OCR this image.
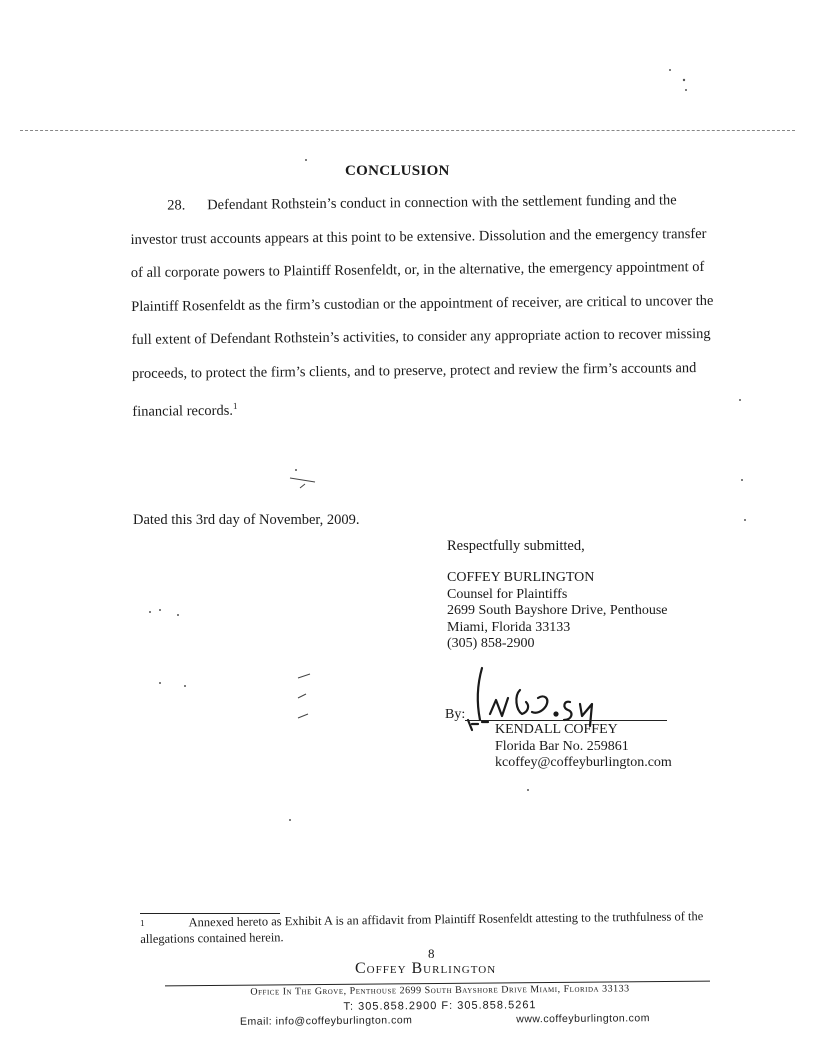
CONCLUSION

28. Defendant Rothstein’s conduct in connection with the settlement funding and the investor trust accounts appears at this point to be extensive. Dissolution and the emergency transfer of all corporate powers to Plaintiff Rosenfeldt, or, in the alternative, the emergency appointment of Plaintiff Rosenfeldt as the firm’s custodian or the appointment of receiver, are critical to uncover the full extent of Defendant Rothstein’s activities, to consider any appropriate action to recover missing proceeds, to protect the firm’s clients, and to preserve, protect and review the firm’s accounts and financial records.$^1$

Dated this 3rd day of November, 2009.
Respectfully submitted,
COFFEY BURLINGTON
Counsel for Plaintiffs
2699 South Bayshore Drive, Penthouse
Miami, Florida 33133
(305) 858-2900
By:
KENDALL COFFEY
Florida Bar No. 259861
kcoffey@coffeyburlington.com
$^1$	Annexed hereto as Exhibit A is an affidavit from Plaintiff Rosenfeldt attesting to the truthfulness of the allegations contained herein.
8
Coffey Burlington
Office In The Grove, Penthouse 2699 South Bayshore Drive Miami, Florida 33133
T: 305.858.2900 F: 305.858.5261
Email: info@coffeyburlington.com	www.coffeyburlington.com
